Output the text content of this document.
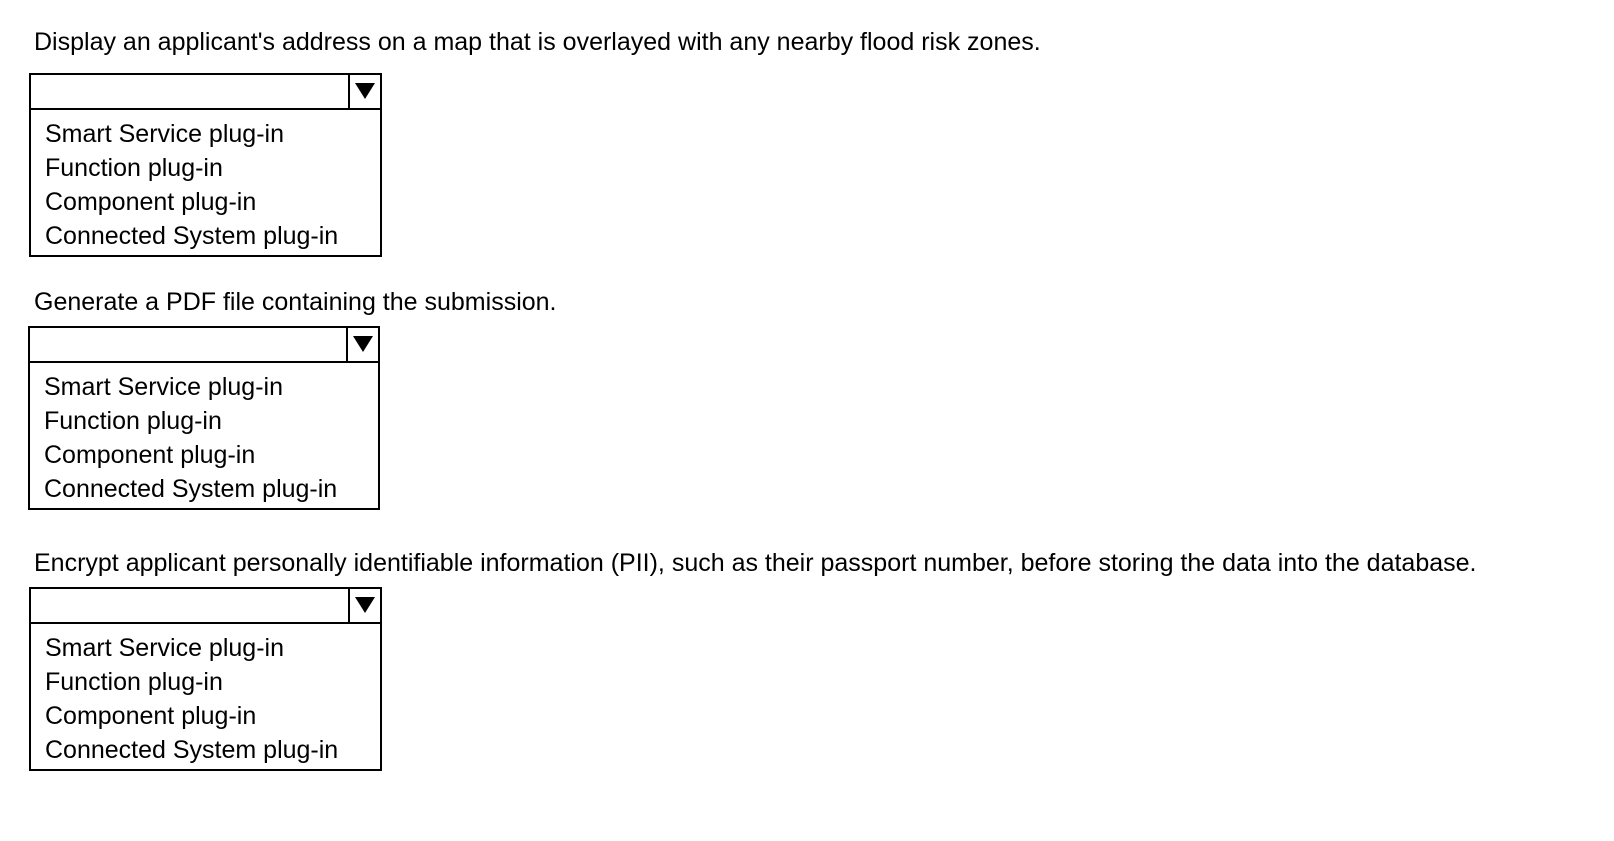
Display an applicant's address on a map that is overlayed with any nearby flood risk zones.
Smart Service plug-in
Function plug-in
Component plug-in
Connected System plug-in
Generate a PDF file containing the submission.
Smart Service plug-in
Function plug-in
Component plug-in
Connected System plug-in
Encrypt applicant personally identifiable information (PII), such as their passport number, before storing the data into the database.
Smart Service plug-in
Function plug-in
Component plug-in
Connected System plug-in
